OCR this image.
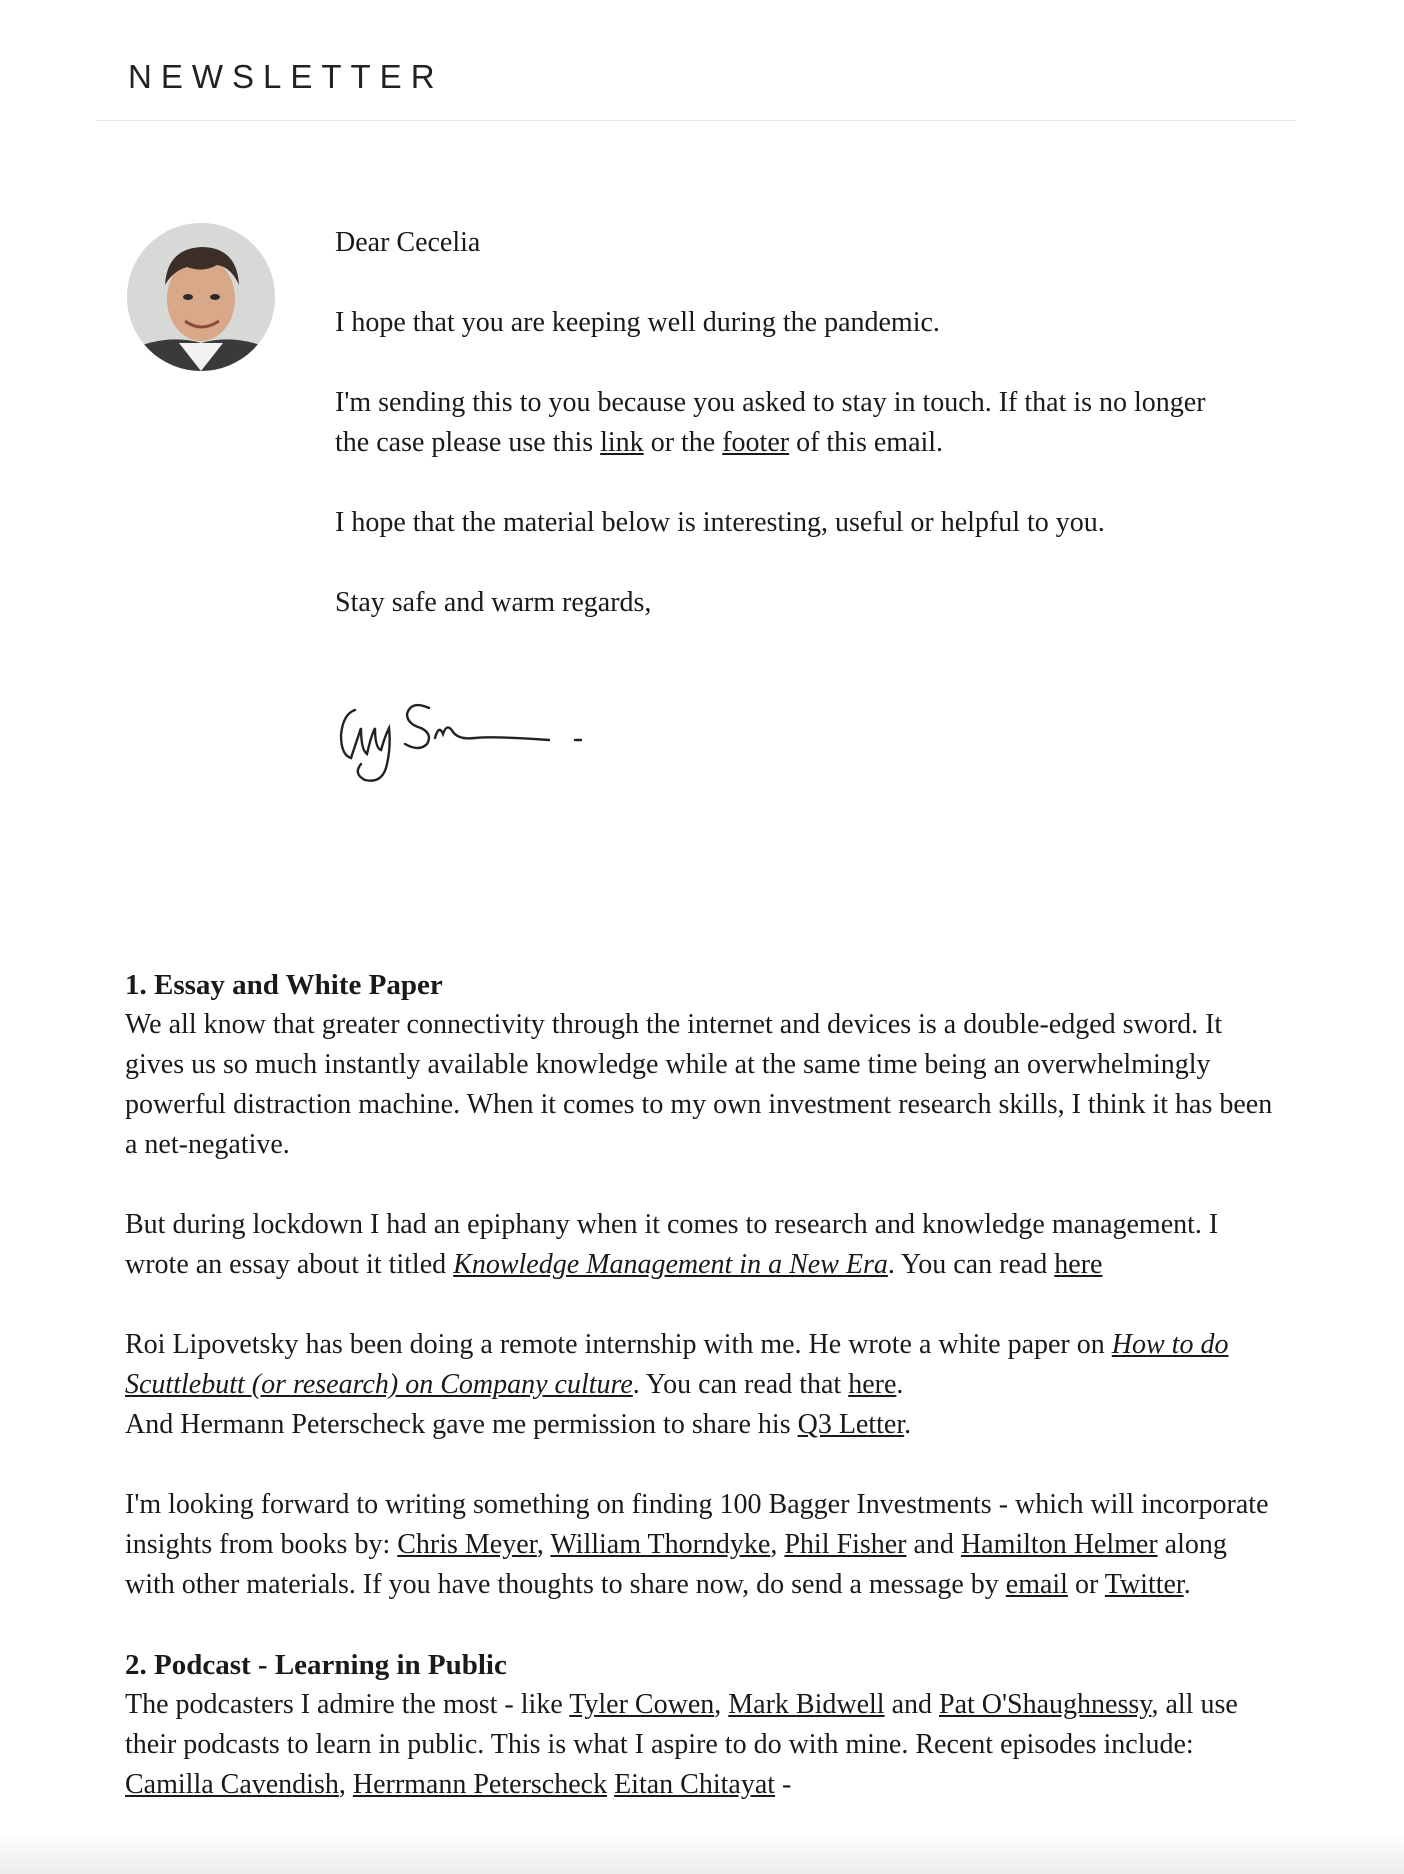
NEWSLETTER

Dear Cecelia

I hope that you are keeping well during the pandemic.

I'm sending this to you because you asked to stay in touch. If that is no longer the case please use this link or the footer of this email.

I hope that the material below is interesting, useful or helpful to you.

Stay safe and warm regards,

1. Essay and White Paper

We all know that greater connectivity through the internet and devices is a double-edged sword. It gives us so much instantly available knowledge while at the same time being an overwhelmingly powerful distraction machine. When it comes to my own investment research skills, I think it has been a net-negative.

But during lockdown I had an epiphany when it comes to research and knowledge management. I wrote an essay about it titled Knowledge Management in a New Era. You can read here

Roi Lipovetsky has been doing a remote internship with me. He wrote a white paper on How to do Scuttlebutt (or research) on Company culture. You can read that here.
And Hermann Peterscheck gave me permission to share his Q3 Letter.

I'm looking forward to writing something on finding 100 Bagger Investments - which will incorporate insights from books by: Chris Meyer, William Thorndyke, Phil Fisher and Hamilton Helmer along with other materials. If you have thoughts to share now, do send a message by email or Twitter.

2. Podcast - Learning in Public

The podcasters I admire the most - like Tyler Cowen, Mark Bidwell and Pat O'Shaughnessy, all use their podcasts to learn in public. This is what I aspire to do with mine. Recent episodes include: Camilla Cavendish, Herrmann Peterscheck Eitan Chitayat -
